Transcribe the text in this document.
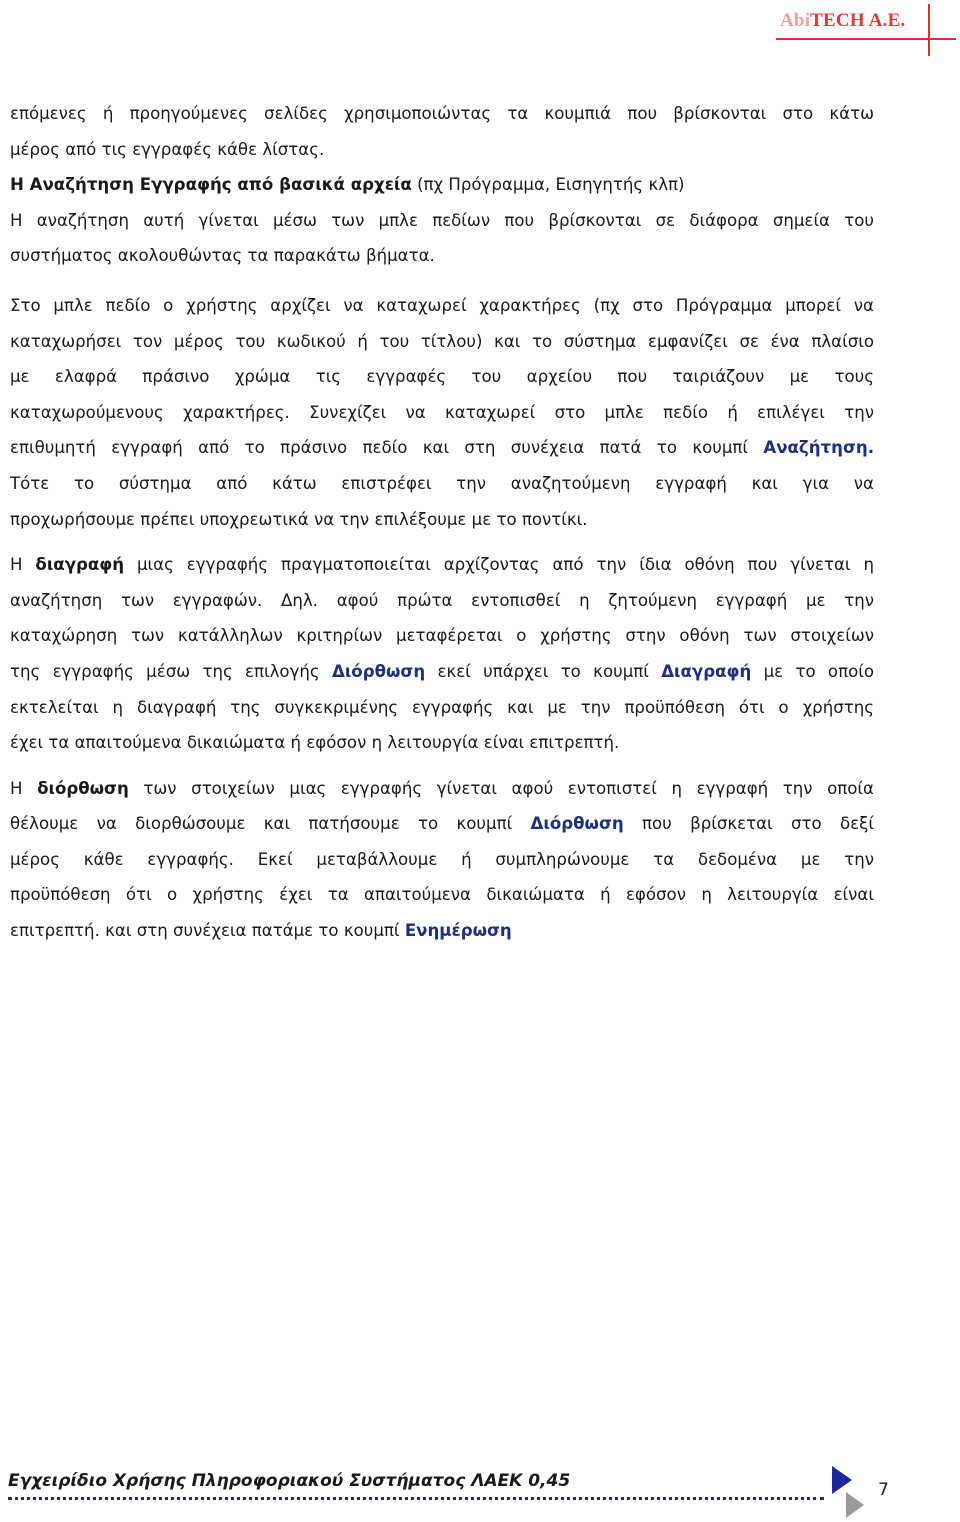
AbiTECH A.E.
επόμενες ή προηγούμενες σελίδες χρησιμοποιώντας τα κουμπιά που βρίσκονται στο κάτω
μέρος από τις εγγραφές κάθε λίστας.
Η Αναζήτηση Εγγραφής από βασικά αρχεία (πχ Πρόγραμμα, Εισηγητής κλπ)
Η αναζήτηση αυτή γίνεται μέσω των μπλε πεδίων που βρίσκονται σε διάφορα σημεία του
συστήματος ακολουθώντας τα παρακάτω βήματα.
Στο μπλε πεδίο ο χρήστης αρχίζει να καταχωρεί χαρακτήρες (πχ στο Πρόγραμμα μπορεί να
καταχωρήσει τον μέρος του κωδικού ή του τίτλου) και το σύστημα εμφανίζει σε ένα πλαίσιο
με ελαφρά πράσινο χρώμα τις εγγραφές του αρχείου που ταιριάζουν με τους
καταχωρούμενους χαρακτήρες. Συνεχίζει να καταχωρεί στο μπλε πεδίο ή επιλέγει την
επιθυμητή εγγραφή από το πράσινο πεδίο και στη συνέχεια πατά το κουμπί Αναζήτηση.
Τότε το σύστημα από κάτω επιστρέφει την αναζητούμενη εγγραφή και για να
προχωρήσουμε πρέπει υποχρεωτικά να την επιλέξουμε με το ποντίκι.
Η διαγραφή μιας εγγραφής πραγματοποιείται αρχίζοντας από την ίδια οθόνη που γίνεται η
αναζήτηση των εγγραφών. Δηλ. αφού πρώτα εντοπισθεί η ζητούμενη εγγραφή με την
καταχώρηση των κατάλληλων κριτηρίων μεταφέρεται ο χρήστης στην οθόνη των στοιχείων
της εγγραφής μέσω της επιλογής Διόρθωση εκεί υπάρχει το κουμπί Διαγραφή με το οποίο
εκτελείται η διαγραφή της συγκεκριμένης εγγραφής και με την προϋπόθεση ότι ο χρήστης
έχει τα απαιτούμενα δικαιώματα ή εφόσον η λειτουργία είναι επιτρεπτή.
Η διόρθωση των στοιχείων μιας εγγραφής γίνεται αφού εντοπιστεί η εγγραφή την οποία
θέλουμε να διορθώσουμε και πατήσουμε το κουμπί Διόρθωση που βρίσκεται στο δεξί
μέρος κάθε εγγραφής. Εκεί μεταβάλλουμε ή συμπληρώνουμε τα δεδομένα με την
προϋπόθεση ότι ο χρήστης έχει τα απαιτούμενα δικαιώματα ή εφόσον η λειτουργία είναι
επιτρεπτή. και στη συνέχεια πατάμε το κουμπί Ενημέρωση
Εγχειρίδιο Χρήσης Πληροφοριακού Συστήματος ΛΑΕΚ 0,45	7
